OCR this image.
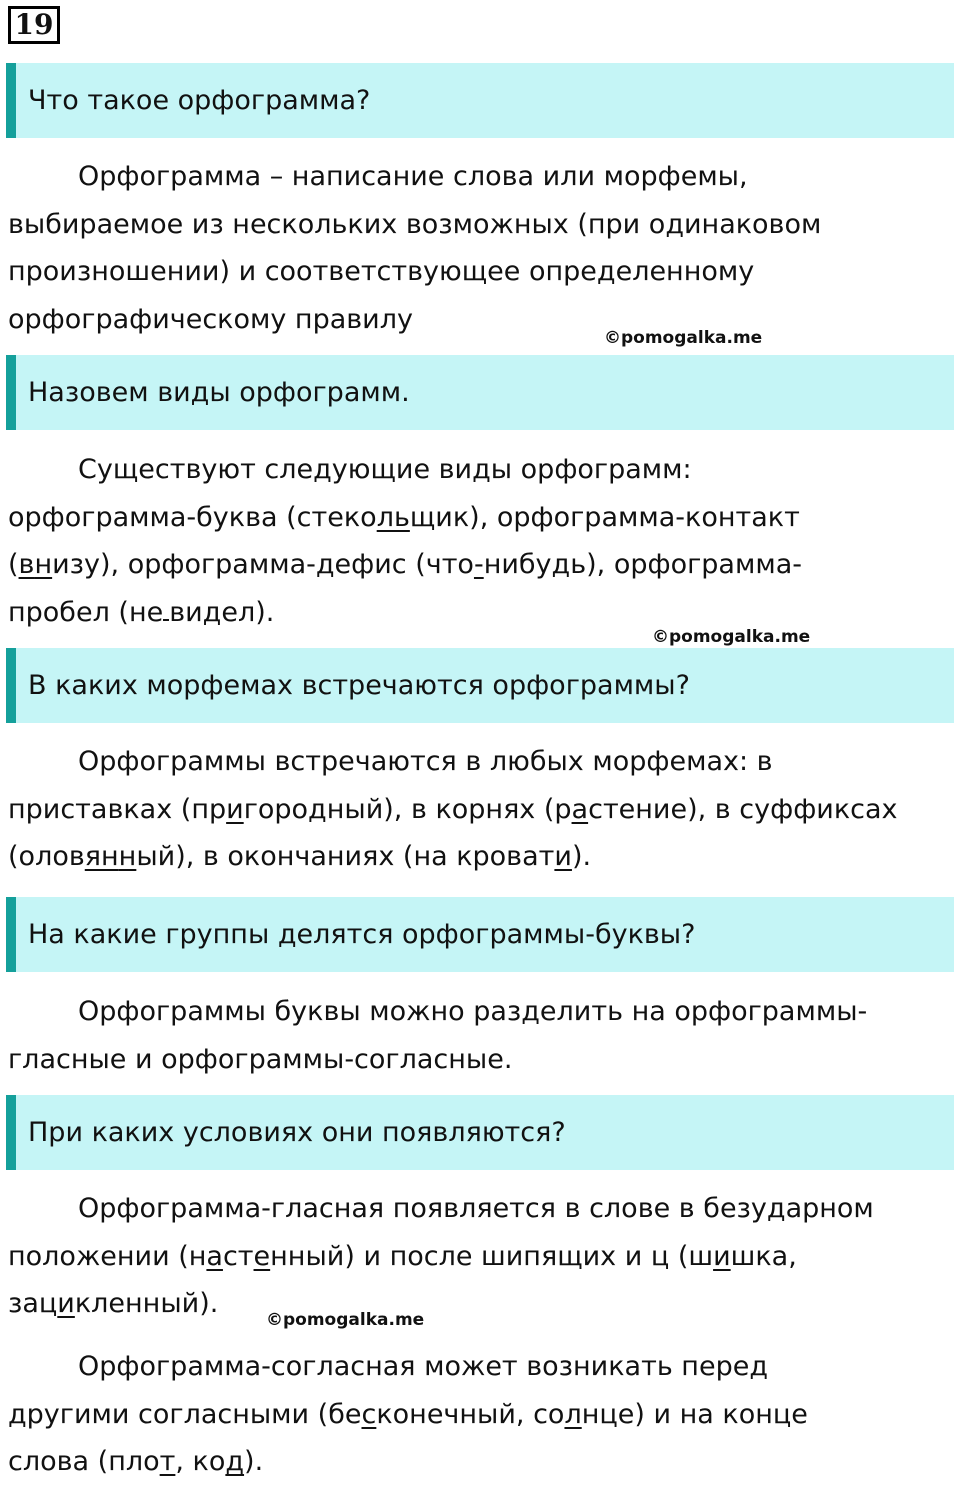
19
Что такое орфограмма?
Орфограмма – написание слова или морфемы,
выбираемое из нескольких возможных (при одинаковом
произношении) и соответствующее определенному
орфографическому правилу
©pomogalka.me
Назовем виды орфограмм.
Существуют следующие виды орфограмм:
орфограмма-буква (стекольщик), орфограмма-контакт
(внизу), орфограмма-дефис (что-нибудь), орфограмма-
пробел (не видел).
©pomogalka.me
В каких морфемах встречаются орфограммы?
Орфограммы встречаются в любых морфемах: в
приставках (пригородный), в корнях (растение), в суффиксах
(оловянный), в окончаниях (на кровати).
На какие группы делятся орфограммы-буквы?
Орфограммы буквы можно разделить на орфограммы-
гласные и орфограммы-согласные.
При каких условиях они появляются?
Орфограмма-гласная появляется в слове в безударном
положении (настенный) и после шипящих и ц (шишка,
зацикленный).
©pomogalka.me
Орфограмма-согласная может возникать перед
другими согласными (бесконечный, солнце) и на конце
слова (плот, код).
